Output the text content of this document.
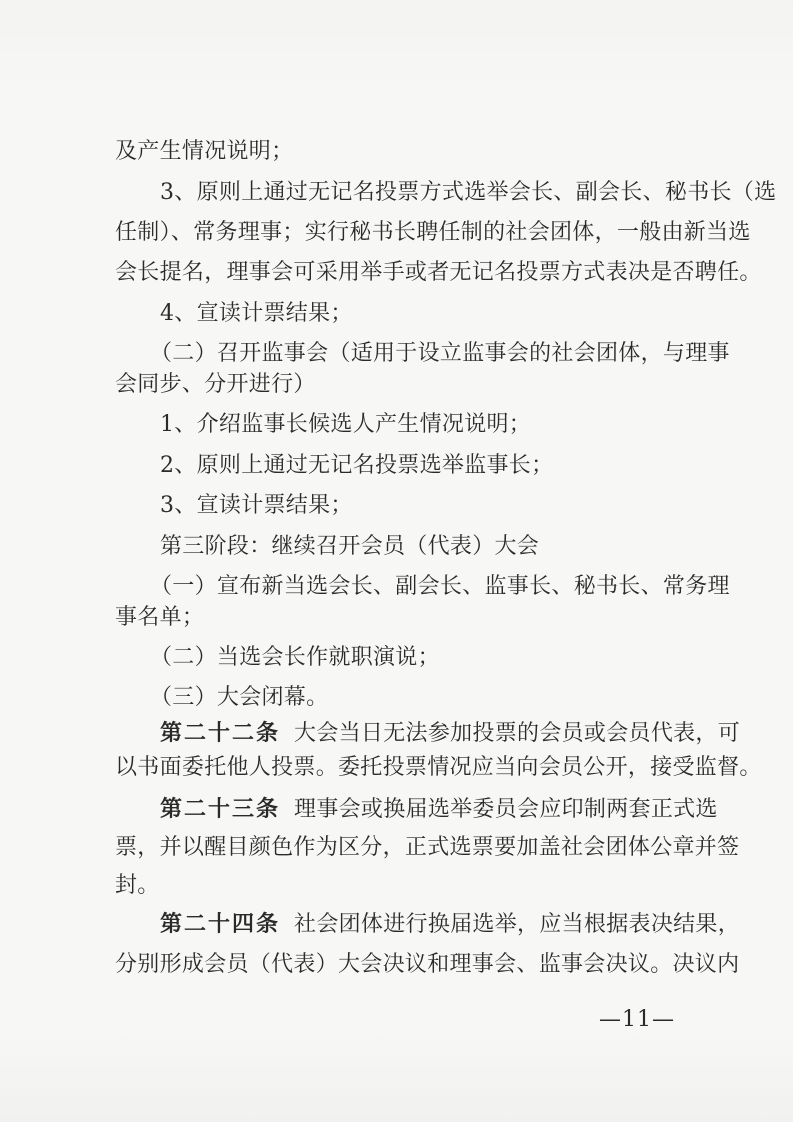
及产生情况说明；
3、原则上通过无记名投票方式选举会长、副会长、秘书长（选
任制）、常务理事；实行秘书长聘任制的社会团体，一般由新当选
会长提名，理事会可采用举手或者无记名投票方式表决是否聘任。
4、宣读计票结果；
（二）召开监事会（适用于设立监事会的社会团体，与理事
会同步、分开进行）
1、介绍监事长候选人产生情况说明；
2、原则上通过无记名投票选举监事长；
3、宣读计票结果；
第三阶段：继续召开会员（代表）大会
（一）宣布新当选会长、副会长、监事长、秘书长、常务理
事名单；
（二）当选会长作就职演说；
（三）大会闭幕。
第二十二条 大会当日无法参加投票的会员或会员代表，可
以书面委托他人投票。委托投票情况应当向会员公开，接受监督。
第二十三条 理事会或换届选举委员会应印制两套正式选
票，并以醒目颜色作为区分，正式选票要加盖社会团体公章并签
封。
第二十四条 社会团体进行换届选举，应当根据表决结果，
分别形成会员（代表）大会决议和理事会、监事会决议。决议内
—11—
